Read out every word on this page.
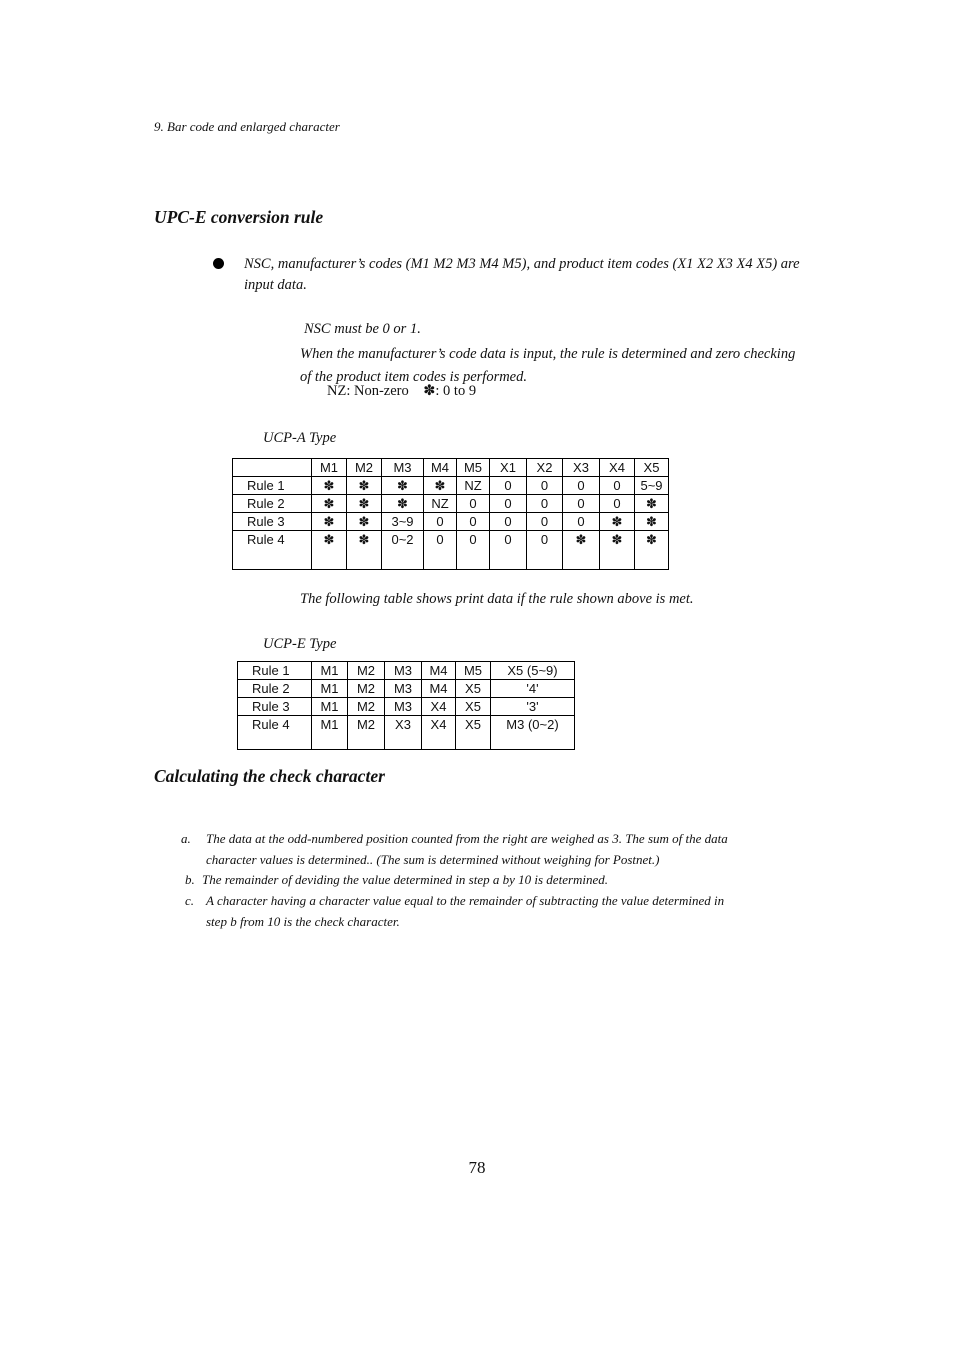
9. Bar code and enlarged character
UPC-E conversion rule
NSC, manufacturer’s codes (M1 M2 M3 M4 M5), and product item codes (X1 X2 X3 X4 X5) are input data.
NSC must be 0 or 1.
When the manufacturer’s code data is input, the rule is determined and zero checking of the product item codes is performed.
NZ: Non-zero    ✽: 0 to 9
UCP-A Type
	M1	M2	M3	M4	M5	X1	X2	X3	X4	X5
Rule 1	✽	✽	✽	✽	NZ	0	0	0	0	5~9
Rule 2	✽	✽	✽	NZ	0	0	0	0	0	✽
Rule 3	✽	✽	3~9	0	0	0	0	0	✽	✽
Rule 4	✽	✽	0~2	0	0	0	0	✽	✽	✽
The following table shows print data if the rule shown above is met.
UCP-E Type
Rule 1	M1	M2	M3	M4	M5	X5 (5~9)
Rule 2	M1	M2	M3	M4	X5	'4'
Rule 3	M1	M2	M3	X4	X5	'3'
Rule 4	M1	M2	X3	X4	X5	M3 (0~2)
Calculating the check character
a. The data at the odd-numbered position counted from the right are weighed as 3. The sum of the data
character values is determined.. (The sum is determined without weighing for Postnet.)
b. The remainder of deviding the value determined in step a by 10 is determined.
c. A character having a character value equal to the remainder of subtracting the value determined in
step b from 10 is the check character.
78
